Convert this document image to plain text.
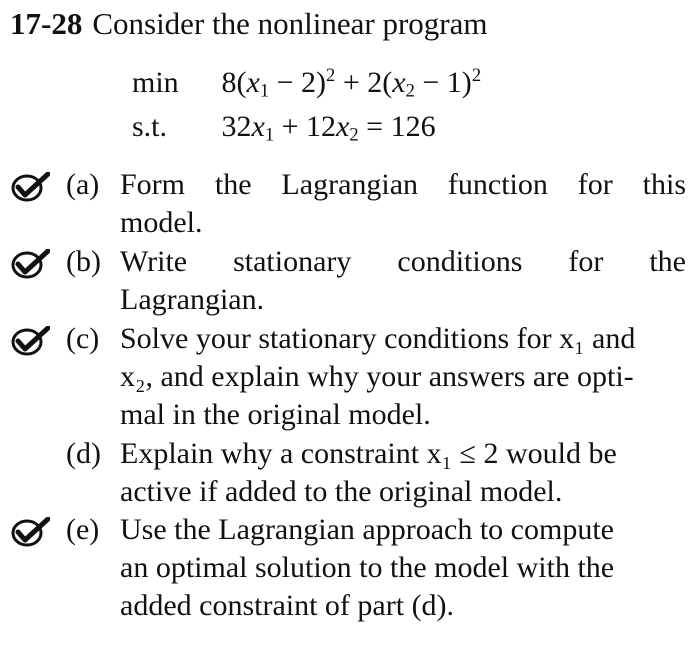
17-28 Consider the nonlinear program
$\min 8(x_1 - 2)^2 + 2(x_2 - 1)^2$
s.t. $32x_1 + 12x_2 = 126$
(a) Form the Lagrangian function for this
model.
(b) Write stationary conditions for the
Lagrangian.
(c) Solve your stationary conditions for x₁ and
x₂, and explain why your answers are opti-
mal in the original model.
(d) Explain why a constraint x₁ ≤ 2 would be
active if added to the original model.
(e) Use the Lagrangian approach to compute
an optimal solution to the model with the
added constraint of part (d).
